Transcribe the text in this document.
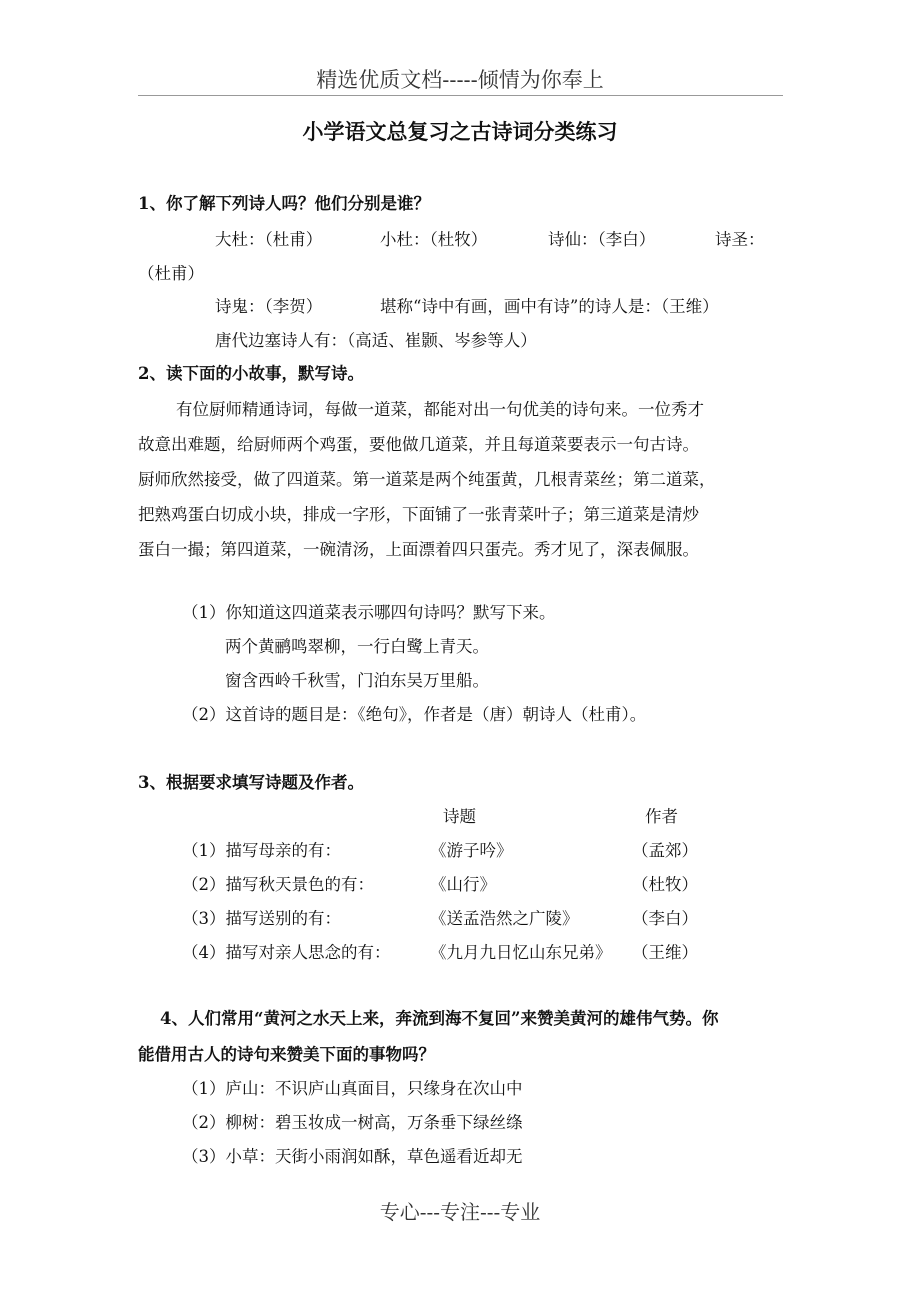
精选优质文档-----倾情为你奉上
小学语文总复习之古诗词分类练习
1、你了解下列诗人吗？他们分别是谁？
大杜：（杜甫）	小杜：（杜牧）	诗仙：（李白）	诗圣：
（杜甫）
诗鬼：（李贺）	堪称“诗中有画，画中有诗”的诗人是：（王维）
唐代边塞诗人有：（高适、崔颢、岑参等人）
2、读下面的小故事，默写诗。
有位厨师精通诗词，每做一道菜，都能对出一句优美的诗句来。一位秀才
故意出难题，给厨师两个鸡蛋，要他做几道菜，并且每道菜要表示一句古诗。
厨师欣然接受，做了四道菜。第一道菜是两个纯蛋黄，几根青菜丝；第二道菜，
把熟鸡蛋白切成小块，排成一字形，下面铺了一张青菜叶子；第三道菜是清炒
蛋白一撮；第四道菜，一碗清汤，上面漂着四只蛋壳。秀才见了，深表佩服。
（1）你知道这四道菜表示哪四句诗吗？默写下来。
两个黄鹂鸣翠柳，一行白鹭上青天。
窗含西岭千秋雪，门泊东吴万里船。
（2）这首诗的题目是：《绝句》，作者是（唐）朝诗人（杜甫）。
3、根据要求填写诗题及作者。
诗题	作者
（1）描写母亲的有：	《游子吟》	（孟郊）
（2）描写秋天景色的有：	《山行》	（杜牧）
（3）描写送别的有：	《送孟浩然之广陵》	（李白）
（4）描写对亲人思念的有： 《九月九日忆山东兄弟》 （王维）
4、人们常用“黄河之水天上来，奔流到海不复回”来赞美黄河的雄伟气势。你
能借用古人的诗句来赞美下面的事物吗？
（1）庐山：不识庐山真面目，只缘身在次山中
（2）柳树：碧玉妆成一树高，万条垂下绿丝绦
（3）小草：天街小雨润如酥，草色遥看近却无
专心---专注---专业
